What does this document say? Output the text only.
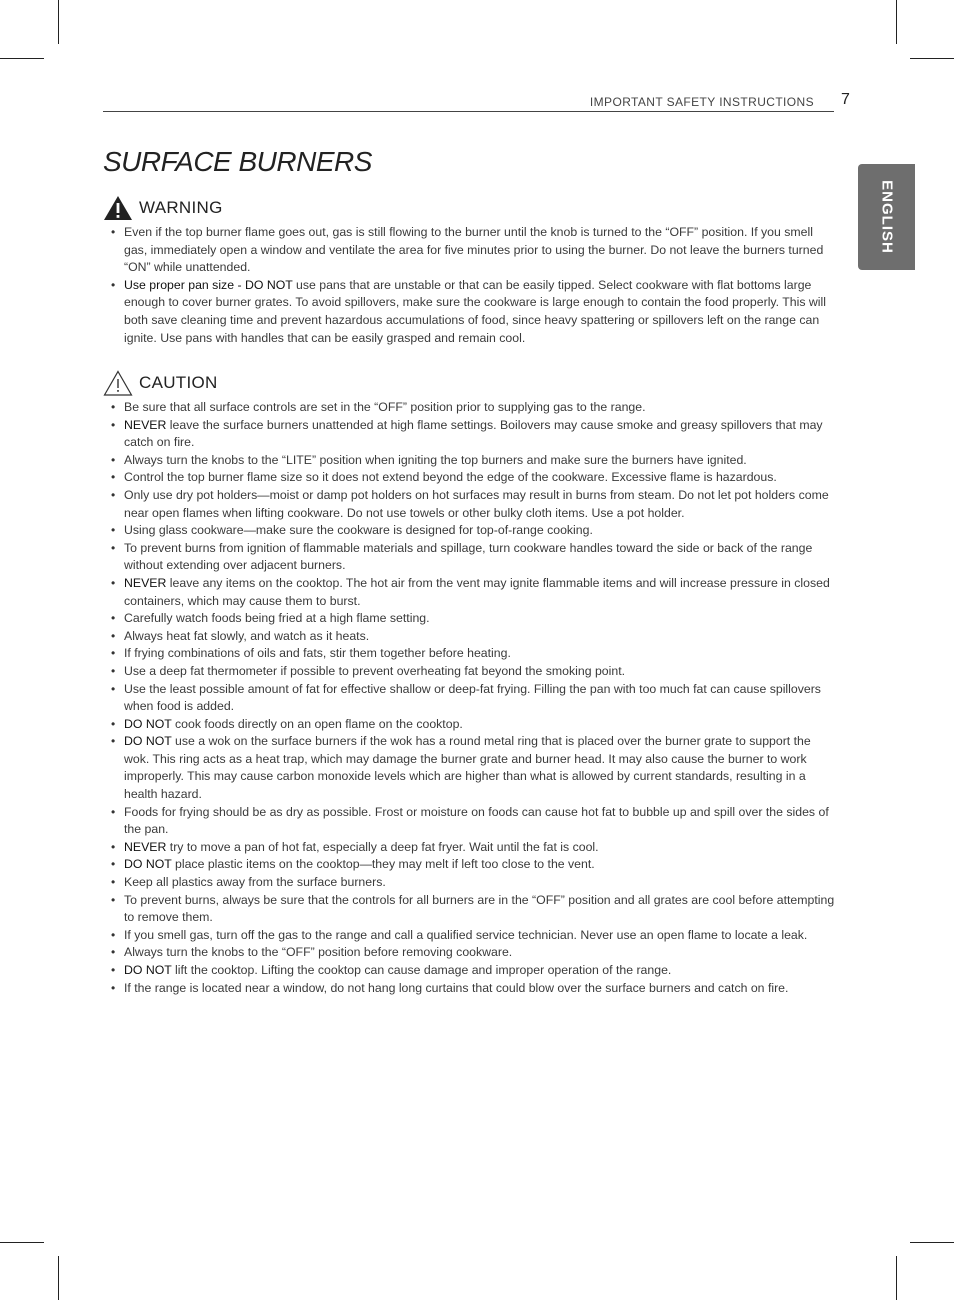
IMPORTANT SAFETY INSTRUCTIONS 7
ENGLISH
SURFACE BURNERS
WARNING
• Even if the top burner flame goes out, gas is still flowing to the burner until the knob is turned to the “OFF” position. If you smell gas, immediately open a window and ventilate the area for five minutes prior to using the burner. Do not leave the burners turned “ON” while unattended.
• Use proper pan size - DO NOT use pans that are unstable or that can be easily tipped. Select cookware with flat bottoms large enough to cover burner grates. To avoid spillovers, make sure the cookware is large enough to contain the food properly. This will both save cleaning time and prevent hazardous accumulations of food, since heavy spattering or spillovers left on the range can ignite. Use pans with handles that can be easily grasped and remain cool.
CAUTION
• Be sure that all surface controls are set in the “OFF” position prior to supplying gas to the range.
• NEVER leave the surface burners unattended at high flame settings. Boilovers may cause smoke and greasy spillovers that may catch on fire.
• Always turn the knobs to the “LITE” position when igniting the top burners and make sure the burners have ignited.
• Control the top burner flame size so it does not extend beyond the edge of the cookware. Excessive flame is hazardous.
• Only use dry pot holders—moist or damp pot holders on hot surfaces may result in burns from steam. Do not let pot holders come near open flames when lifting cookware. Do not use towels or other bulky cloth items. Use a pot holder.
• Using glass cookware—make sure the cookware is designed for top-of-range cooking.
• To prevent burns from ignition of flammable materials and spillage, turn cookware handles toward the side or back of the range without extending over adjacent burners.
• NEVER leave any items on the cooktop. The hot air from the vent may ignite flammable items and will increase pressure in closed containers, which may cause them to burst.
• Carefully watch foods being fried at a high flame setting.
• Always heat fat slowly, and watch as it heats.
• If frying combinations of oils and fats, stir them together before heating.
• Use a deep fat thermometer if possible to prevent overheating fat beyond the smoking point.
• Use the least possible amount of fat for effective shallow or deep-fat frying. Filling the pan with too much fat can cause spillovers when food is added.
• DO NOT cook foods directly on an open flame on the cooktop.
• DO NOT use a wok on the surface burners if the wok has a round metal ring that is placed over the burner grate to support the wok. This ring acts as a heat trap, which may damage the burner grate and burner head. It may also cause the burner to work improperly. This may cause carbon monoxide levels which are higher than what is allowed by current standards, resulting in a health hazard.
• Foods for frying should be as dry as possible. Frost or moisture on foods can cause hot fat to bubble up and spill over the sides of the pan.
• NEVER try to move a pan of hot fat, especially a deep fat fryer. Wait until the fat is cool.
• DO NOT place plastic items on the cooktop—they may melt if left too close to the vent.
• Keep all plastics away from the surface burners.
• To prevent burns, always be sure that the controls for all burners are in the “OFF” position and all grates are cool before attempting to remove them.
• If you smell gas, turn off the gas to the range and call a qualified service technician. Never use an open flame to locate a leak.
• Always turn the knobs to the “OFF” position before removing cookware.
• DO NOT lift the cooktop. Lifting the cooktop can cause damage and improper operation of the range.
• If the range is located near a window, do not hang long curtains that could blow over the surface burners and catch on fire.
